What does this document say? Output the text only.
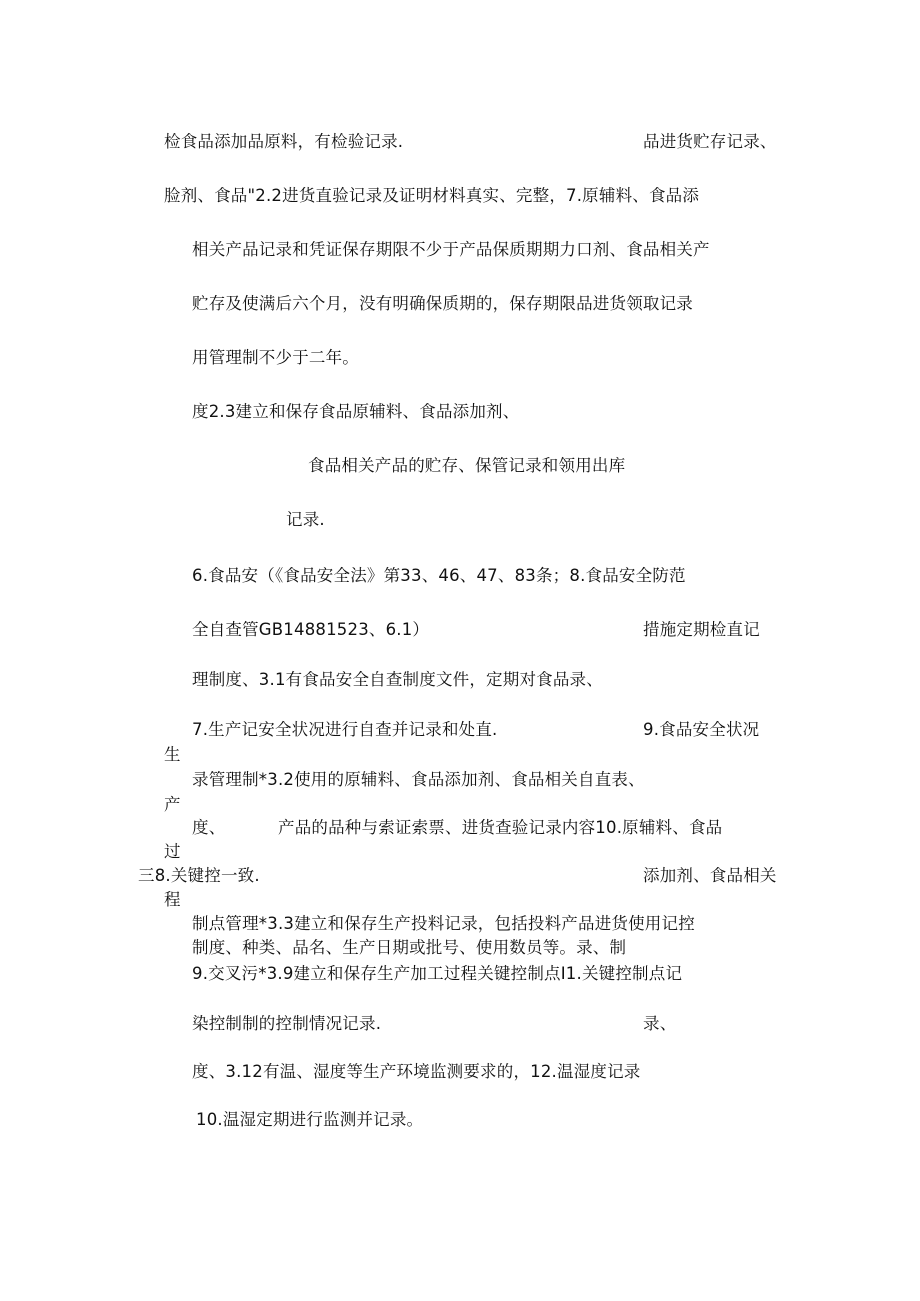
检食品添加品原料，有检验记录.	品进货贮存记录、
脸剂、食品"2.2进货直验记录及证明材料真实、完整，7.原辅料、食品添
相关产品记录和凭证保存期限不少于产品保质期期力口剂、食品相关产
贮存及使满后六个月，没有明确保质期的，保存期限品进货领取记录
用管理制不少于二年。
度2.3建立和保存食品原辅料、食品添加剂、
食品相关产品的贮存、保管记录和领用出库
记录.
6.食品安（《食品安全法》第33、46、47、83条；8.食品安全防范
全自查管GB14881523、6.1）	措施定期检直记
理制度、3.1有食品安全自查制度文件，定期对食品录、
7.生产记安全状况进行自查并记录和处直.	9.食品安全状况
生
录管理制*3.2使用的原辅料、食品添加剂、食品相关自直表、
产
度、	产品的品种与索证索票、进货查验记录内容10.原辅料、食品
过
三8.关键控一致.	添加剂、食品相关
程
制点管理*3.3建立和保存生产投料记录，包括投料产品进货使用记控
制度、种类、品名、生产日期或批号、使用数员等。录、制
9.交叉污*3.9建立和保存生产加工过程关键控制点I1.关键控制点记
染控制制的控制情况记录.	录、
度、3.12有温、湿度等生产环境监测要求的，12.温湿度记录
10.温湿定期进行监测并记录。
